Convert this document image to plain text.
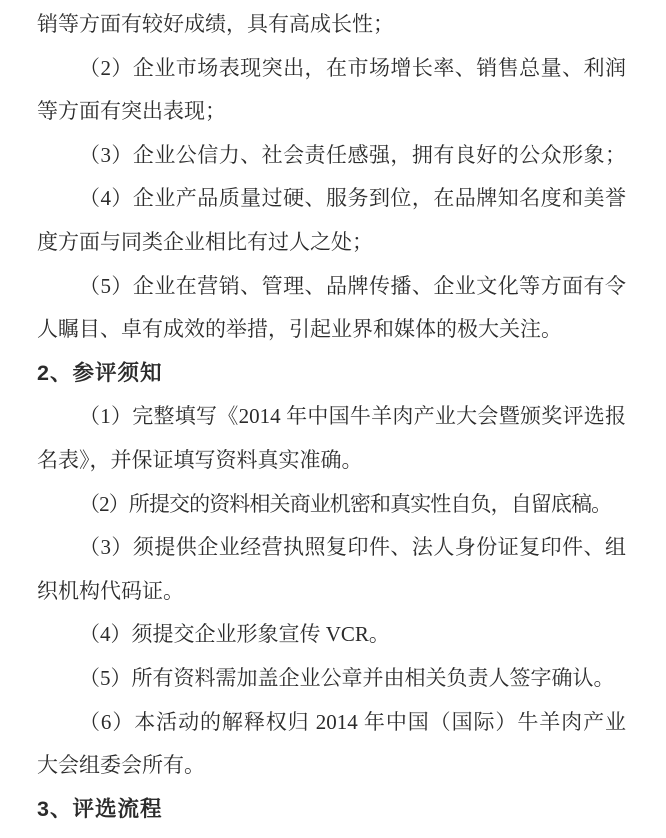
销等方面有较好成绩，具有高成长性；
（2）企业市场表现突出，在市场增长率、销售总量、利润
等方面有突出表现；
（3）企业公信力、社会责任感强，拥有良好的公众形象；
（4）企业产品质量过硬、服务到位，在品牌知名度和美誉
度方面与同类企业相比有过人之处；
（5）企业在营销、管理、品牌传播、企业文化等方面有令
人瞩目、卓有成效的举措，引起业界和媒体的极大关注。
2、参评须知
（1）完整填写《2014 年中国牛羊肉产业大会暨颁奖评选报
名表》，并保证填写资料真实准确。
（2）所提交的资料相关商业机密和真实性自负，自留底稿。
（3）须提供企业经营执照复印件、法人身份证复印件、组
织机构代码证。
（4）须提交企业形象宣传 VCR。
（5）所有资料需加盖企业公章并由相关负责人签字确认。
（6）本活动的解释权归 2014 年中国（国际）牛羊肉产业
大会组委会所有。
3、评选流程
